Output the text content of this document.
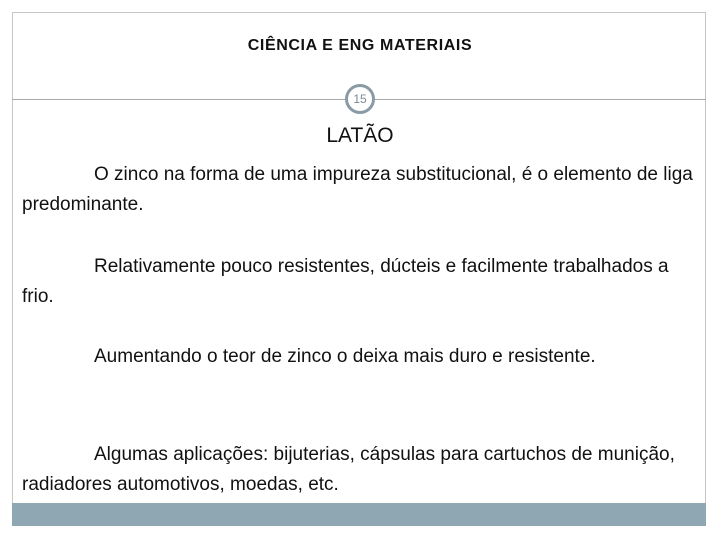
CIÊNCIA E ENG MATERIAIS
15
LATÃO

O zinco na forma de uma impureza substitucional, é o elemento de liga predominante.

Relativamente pouco resistentes, dúcteis e facilmente trabalhados a frio.

Aumentando o teor de zinco o deixa mais duro e resistente.

Algumas aplicações: bijuterias, cápsulas para cartuchos de munição, radiadores automotivos, moedas, etc.
